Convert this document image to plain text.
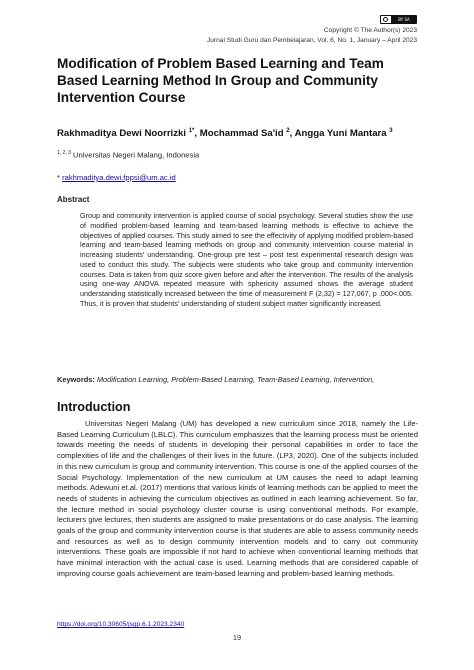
BY SA
Copyright © The Author(s) 2023
Jurnal Studi Guru dan Pembelajaran, Vol. 6, No. 1, January – April 2023
Modification of Problem Based Learning and Team Based Learning Method In Group and Community Intervention Course
Rakhmaditya Dewi Noorrizki $^{1*}$, Mochammad Sa'id $^2$, Angga Yuni Mantara $^3$
$^{1, 2, 3}$ Universitas Negeri Malang, Indonesia
* rakhmaditya.dewi.fppsi@um.ac.id
Abstract

Group and community intervention is applied course of social psychology. Several studies show the use of modified problem-based learning and team-based learning methods is effective to achieve the objectives of applied courses. This study aimed to see the effectivity of applying modified problem-based learning and team-based learning methods on group and community intervention course material in increasing students' understanding. One-group pre test – post test experimental research design was used to conduct this study. The subjects were students who take group and community intervention courses. Data is taken from quiz score given before and after the intervention. The results of the analysis using one-way ANOVA repeated measure with sphericity assumed shows the average student understanding statistically increased between the time of measurement F (2,32) = 127,067, p .000<.005. Thus, it is proven that students' understanding of student subject matter significantly increased.

Keywords: Modification Learning, Problem-Based Learning, Team-Based Learning, Intervention,
Introduction

Universitas Negeri Malang (UM) has developed a new curriculum since 2018, namely the Life-Based Learning Curriculum (LBLC). This curriculum emphasizes that the learning process must be oriented towards meeting the needs of students in developing their personal capabilities in order to face the complexities of life and the challenges of their lives in the future. (LP3, 2020). One of the subjects included in this new curriculum is group and community intervention. This course is one of the applied courses of the Social Psychology. Implementation of the new curriculum at UM causes the need to adapt learning methods. Adewuni et.al. (2017) mentions that various kinds of learning methods can be applied to meet the needs of students in achieving the curriculum objectives as outlined in each learning achievement. So far, the lecture method in social psychology cluster course is using conventional methods. For example, lecturers give lectures, then students are assigned to make presentations or do case analysis. The learning goals of the group and community intervention course is that students are able to assess community needs and resources as well as to design community intervention models and to carry out community interventions. These goals are impossible if not hard to achieve when conventional learning methods that have minimal interaction with the actual case is used. Learning methods that are considered capable of improving course goals achievement are team-based learning and problem-based learning methods.

https://doi.org/10.30605/jsgp.6.1.2023.2340
19
